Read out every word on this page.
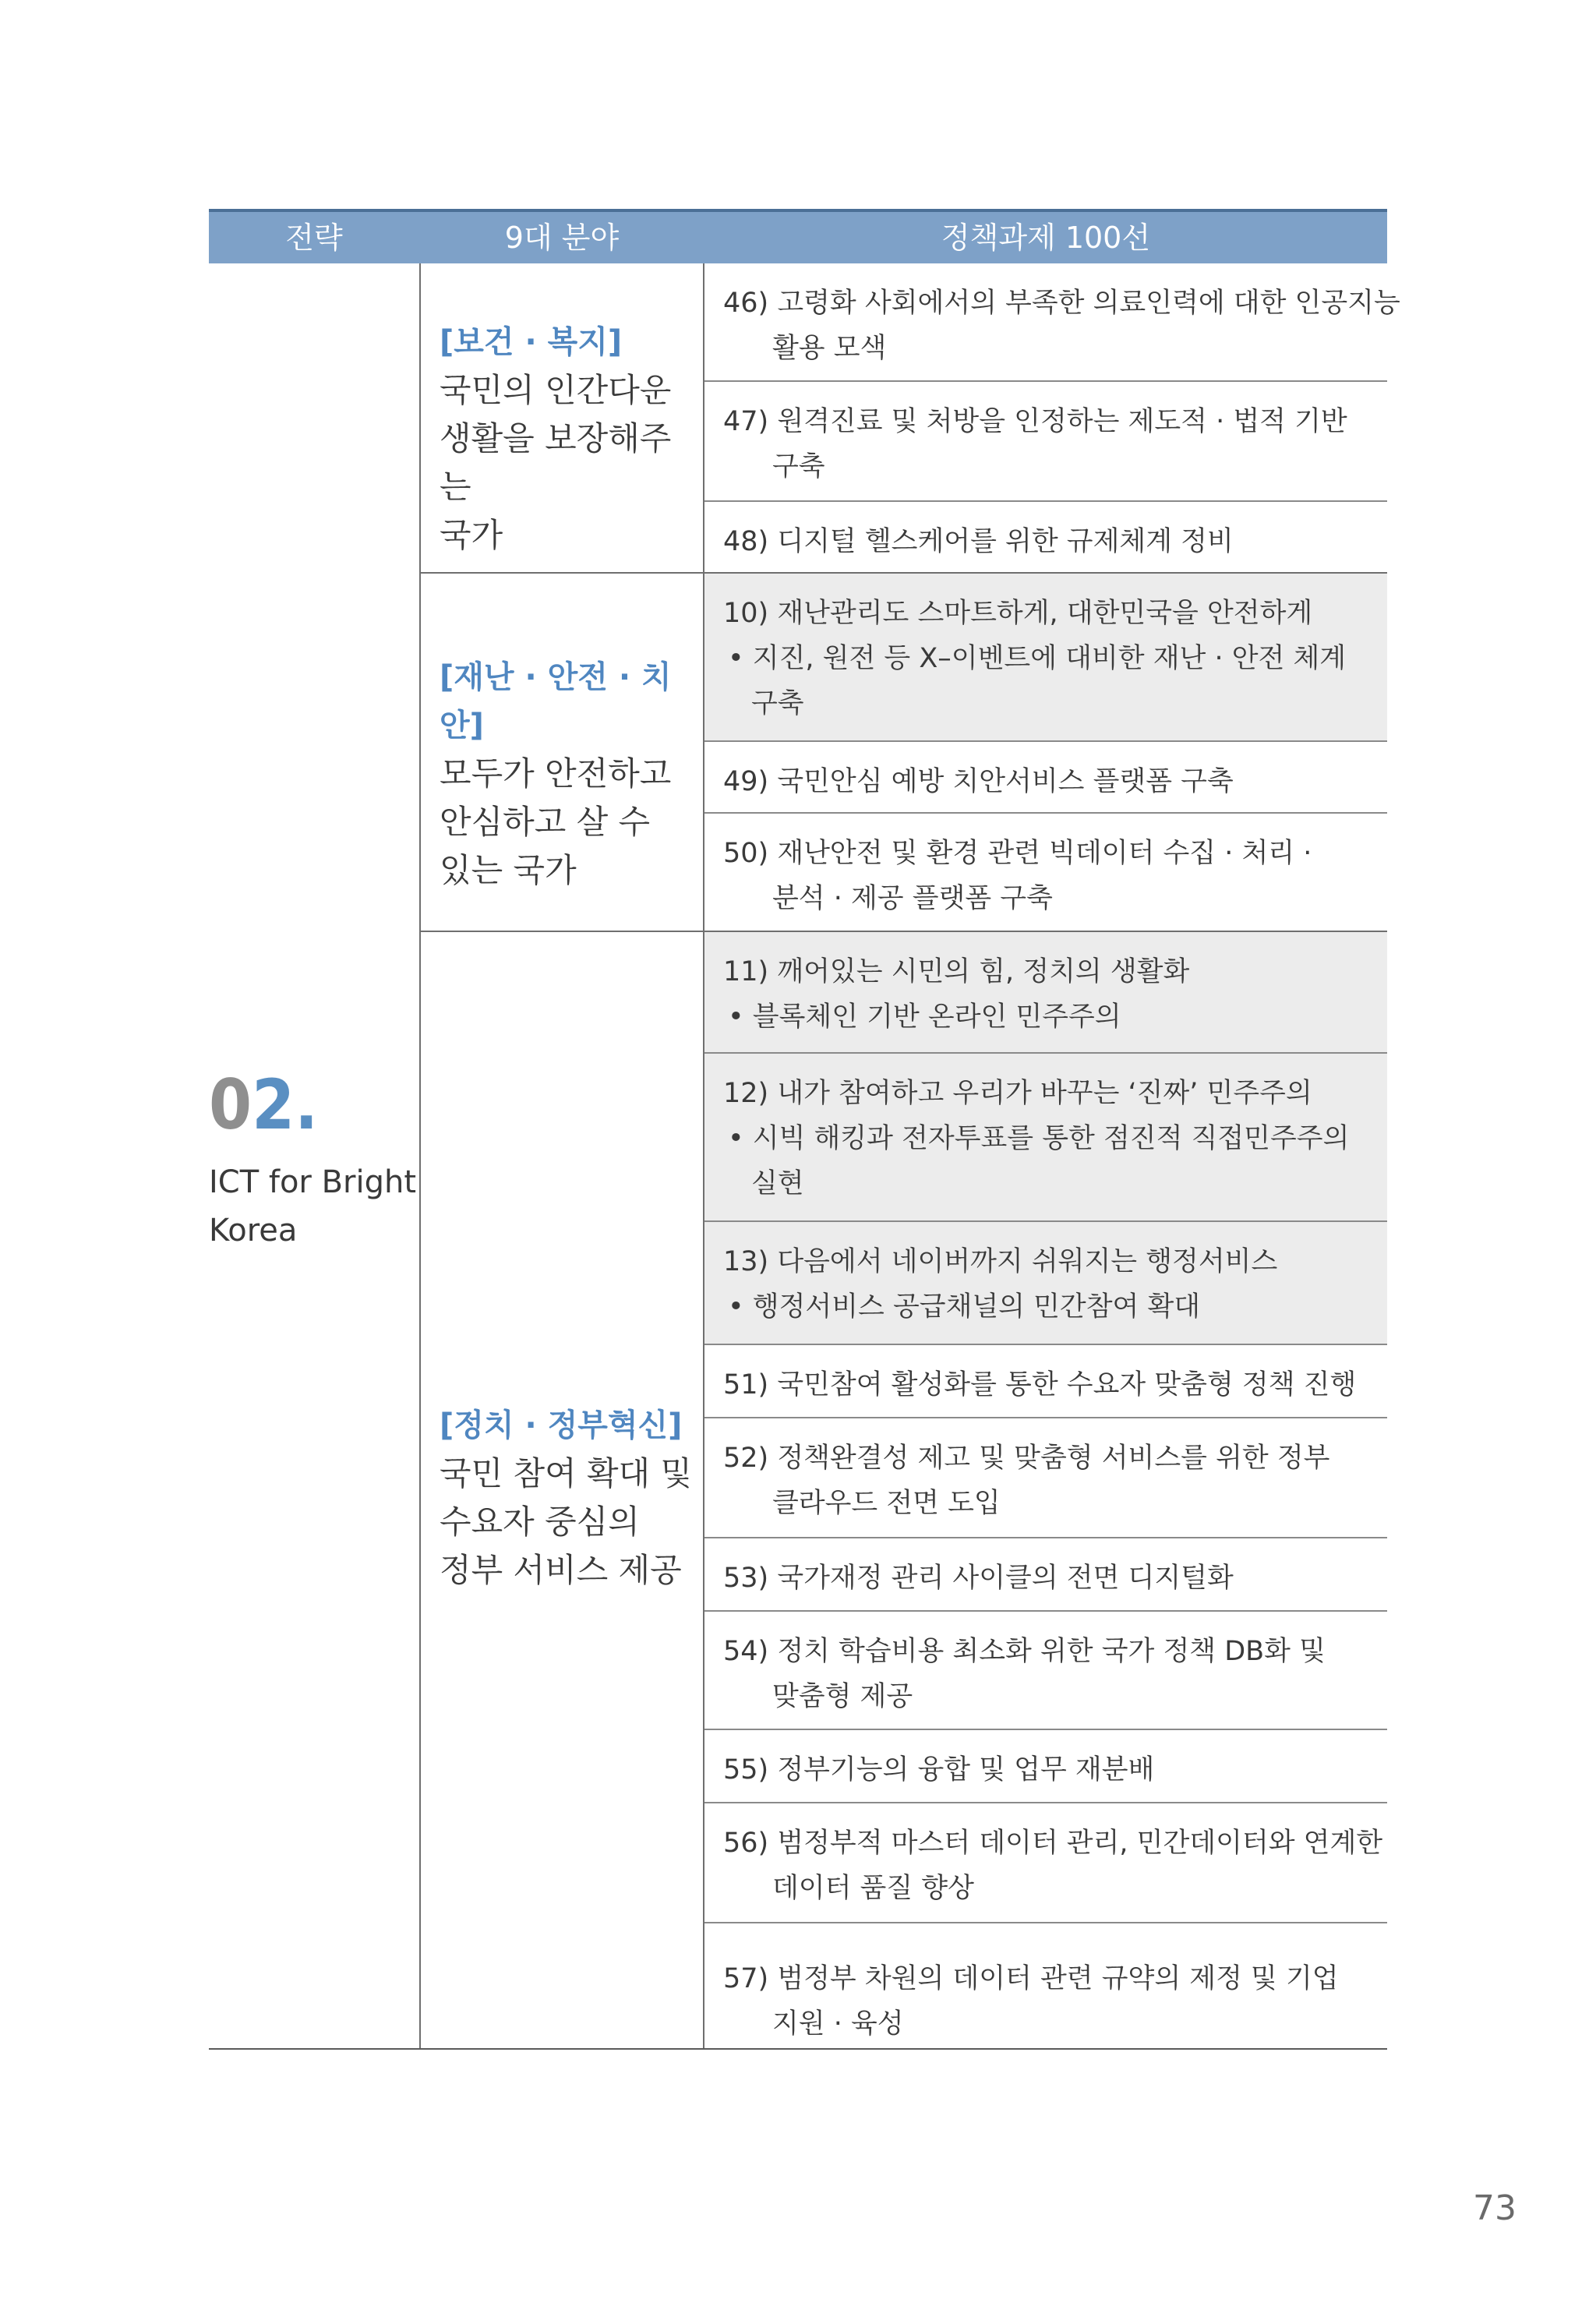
전략	9대 분야	정책과제 100선
02.
ICT for Bright
Korea
[보건 · 복지]
국민의 인간다운
생활을 보장해주는
국가
[재난 · 안전 · 치안]
모두가 안전하고
안심하고 살 수
있는 국가
[정치 · 정부혁신]
국민 참여 확대 및
수요자 중심의
정부 서비스 제공
46) 고령화 사회에서의 부족한 의료인력에 대한 인공지능
활용 모색
47) 원격진료 및 처방을 인정하는 제도적 · 법적 기반
구축
48) 디지털 헬스케어를 위한 규제체계 정비
10) 재난관리도 스마트하게, 대한민국을 안전하게
• 지진, 원전 등 X–이벤트에 대비한 재난 · 안전 체계
구축
49) 국민안심 예방 치안서비스 플랫폼 구축
50) 재난안전 및 환경 관련 빅데이터 수집 · 처리 ·
분석 · 제공 플랫폼 구축
11) 깨어있는 시민의 힘, 정치의 생활화
• 블록체인 기반 온라인 민주주의
12) 내가 참여하고 우리가 바꾸는 ‘진짜’ 민주주의
• 시빅 해킹과 전자투표를 통한 점진적 직접민주주의
실현
13) 다음에서 네이버까지 쉬워지는 행정서비스
• 행정서비스 공급채널의 민간참여 확대
51) 국민참여 활성화를 통한 수요자 맞춤형 정책 진행
52) 정책완결성 제고 및 맞춤형 서비스를 위한 정부
클라우드 전면 도입
53) 국가재정 관리 사이클의 전면 디지털화
54) 정치 학습비용 최소화 위한 국가 정책 DB화 및
맞춤형 제공
55) 정부기능의 융합 및 업무 재분배
56) 범정부적 마스터 데이터 관리, 민간데이터와 연계한
데이터 품질 향상
57) 범정부 차원의 데이터 관련 규약의 제정 및 기업
지원 · 육성
73
